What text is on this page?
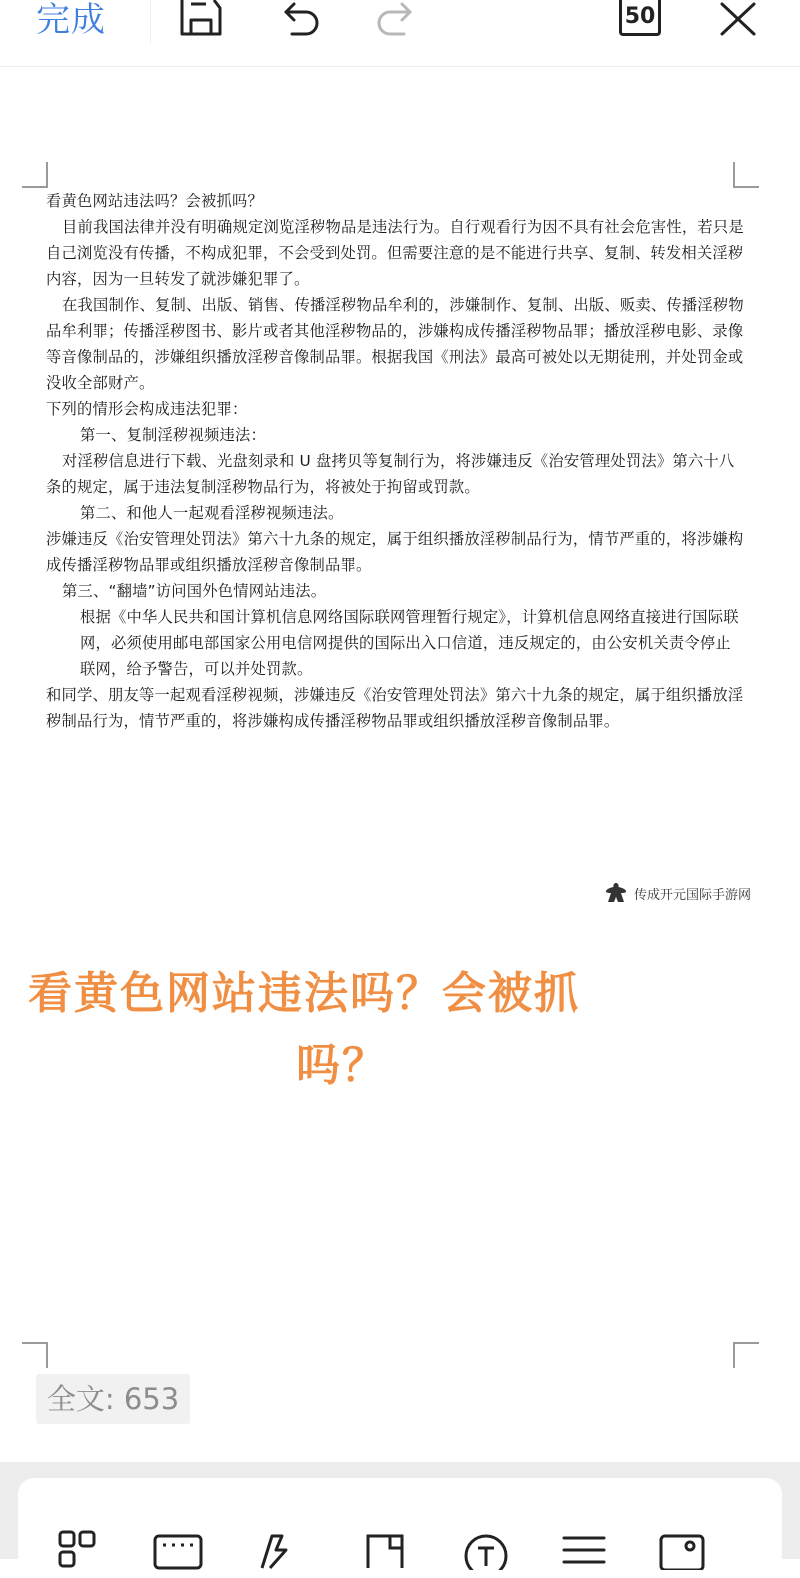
完成	50

看黄色网站违法吗？会被抓吗？

目前我国法律并没有明确规定浏览淫秽物品是违法行为。自行观看行为因不具有社会危害性，若只是自己浏览没有传播，不构成犯罪，不会受到处罚。但需要注意的是不能进行共享、复制、转发相关淫秽内容，因为一旦转发了就涉嫌犯罪了。

在我国制作、复制、出版、销售、传播淫秽物品牟利的，涉嫌制作、复制、出版、贩卖、传播淫秽物品牟利罪；传播淫秽图书、影片或者其他淫秽物品的，涉嫌构成传播淫秽物品罪；播放淫秽电影、录像等音像制品的，涉嫌组织播放淫秽音像制品罪。根据我国《刑法》最高可被处以无期徒刑，并处罚金或没收全部财产。

下列的情形会构成违法犯罪：

第一、复制淫秽视频违法：

对淫秽信息进行下载、光盘刻录和 U 盘拷贝等复制行为，将涉嫌违反《治安管理处罚法》第六十八条的规定，属于违法复制淫秽物品行为，将被处于拘留或罚款。

第二、和他人一起观看淫秽视频违法。

涉嫌违反《治安管理处罚法》第六十九条的规定，属于组织播放淫秽制品行为，情节严重的，将涉嫌构成传播淫秽物品罪或组织播放淫秽音像制品罪。

第三、“翻墙”访问国外色情网站违法。

根据《中华人民共和国计算机信息网络国际联网管理暂行规定》，计算机信息网络直接进行国际联网，必须使用邮电部国家公用电信网提供的国际出入口信道，违反规定的，由公安机关责令停止联网，给予警告，可以并处罚款。

和同学、朋友等一起观看淫秽视频，涉嫌违反《治安管理处罚法》第六十九条的规定，属于组织播放淫秽制品行为，情节严重的，将涉嫌构成传播淫秽物品罪或组织播放淫秽音像制品罪。

传成开元国际手游网
看黄色网站违法吗？会被抓
吗？
全文: 653
